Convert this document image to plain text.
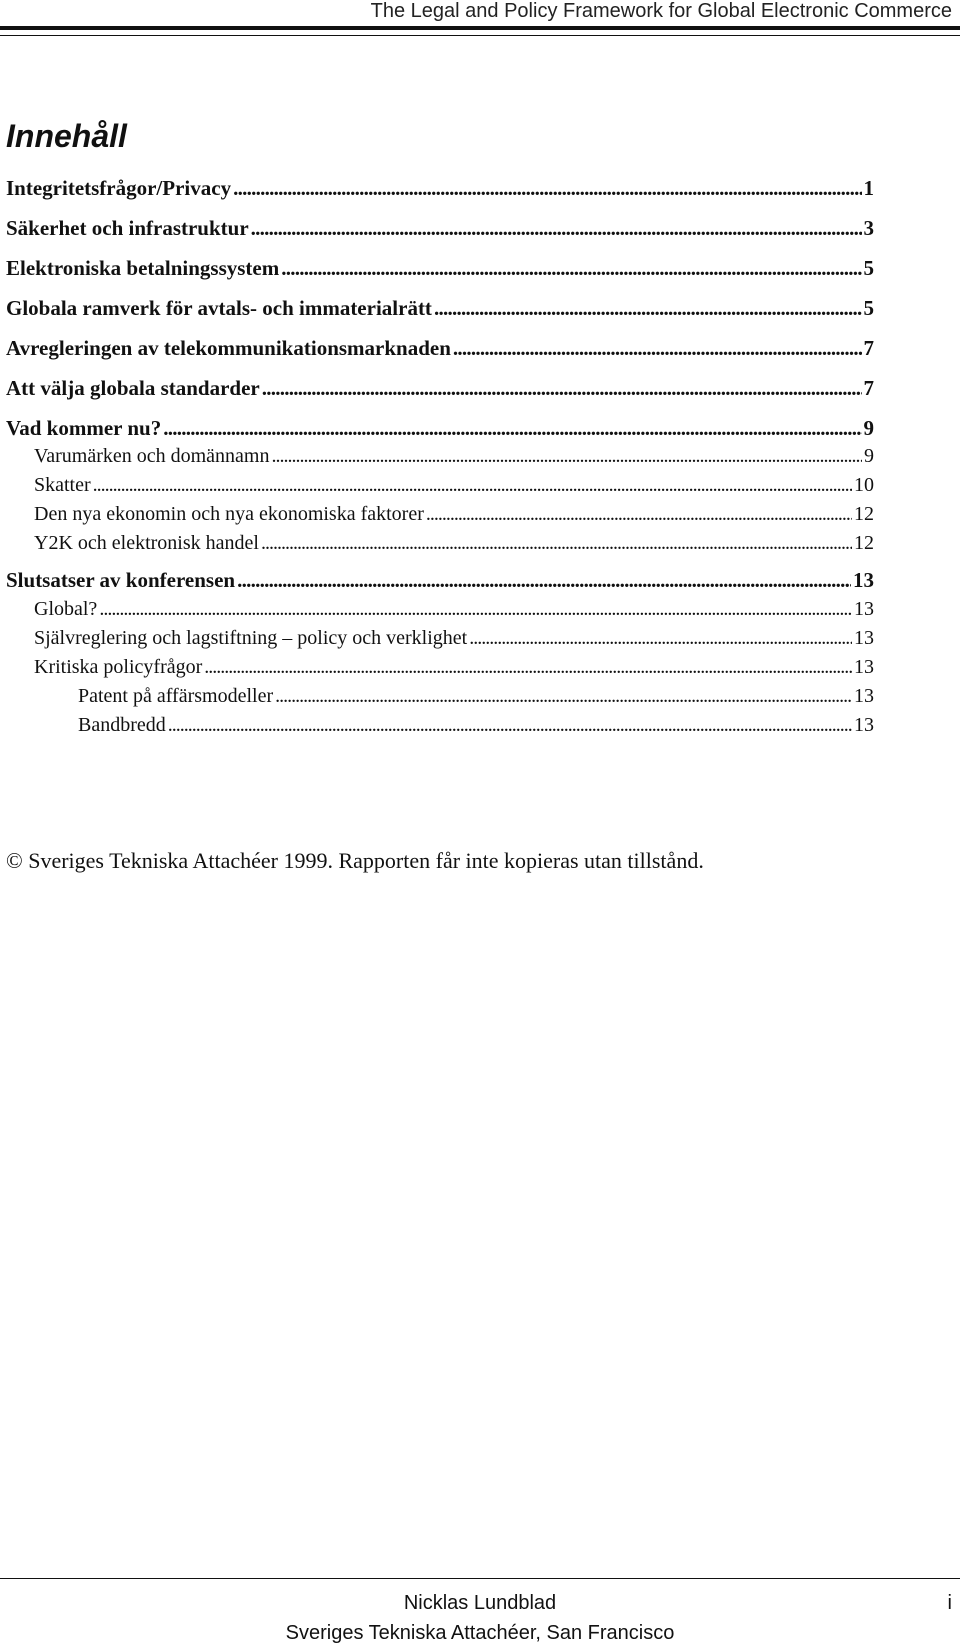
The Legal and Policy Framework for Global Electronic Commerce
Innehåll
Integritetsfrågor/Privacy . . .	1
Säkerhet och infrastruktur . . .	3
Elektroniska betalningssystem . . .	5
Globala ramverk för avtals- och immaterialrätt . . .	5
Avregleringen av telekommunikationsmarknaden . . .	7
Att välja globala standarder . . .	7
Vad kommer nu? . . .	9
Varumärken och domännamn . . .	9
Skatter . . .	10
Den nya ekonomin och nya ekonomiska faktorer . . .	12
Y2K och elektronisk handel . . .	12
Slutsatser av konferensen . . .	13
Global? . . .	13
Självreglering och lagstiftning – policy och verklighet . . .	13
Kritiska policyfrågor . . .	13
Patent på affärsmodeller . . .	13
Bandbredd . . .	13
© Sveriges Tekniska Attachéer 1999. Rapporten får inte kopieras utan tillstånd.
Nicklas Lundblad	i
Sveriges Tekniska Attachéer, San Francisco
